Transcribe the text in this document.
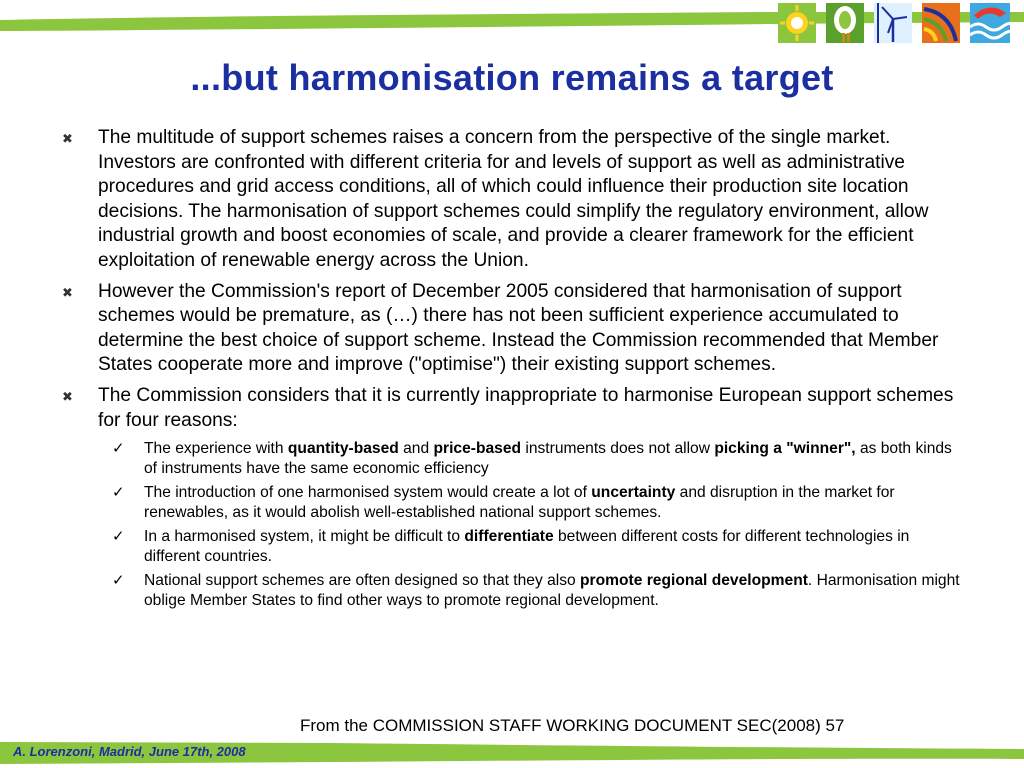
...but harmonisation remains a target
✖ The multitude of support schemes raises a concern from the perspective of the single market. Investors are confronted with different criteria for and levels of support as well as administrative procedures and grid access conditions, all of which could influence their production site location decisions. The harmonisation of support schemes could simplify the regulatory environment, allow industrial growth and boost economies of scale, and provide a clearer framework for the efficient exploitation of renewable energy across the Union.
✖ However the Commission's report of December 2005 considered that harmonisation of support schemes would be premature, as (…) there has not been sufficient experience accumulated to determine the best choice of support scheme. Instead the Commission recommended that Member States cooperate more and improve ("optimise") their existing support schemes.
✖ The Commission considers that it is currently inappropriate to harmonise European support schemes for four reasons:
✓ The experience with quantity-based and price-based instruments does not allow picking a "winner", as both kinds of instruments have the same economic efficiency
✓ The introduction of one harmonised system would create a lot of uncertainty and disruption in the market for renewables, as it would abolish well-established national support schemes.
✓ In a harmonised system, it might be difficult to differentiate between different costs for different technologies in different countries.
✓ National support schemes are often designed so that they also promote regional development. Harmonisation might oblige Member States to find other ways to promote regional development.
From the COMMISSION STAFF WORKING DOCUMENT SEC(2008) 57
A. Lorenzoni, Madrid, June 17th, 2008
